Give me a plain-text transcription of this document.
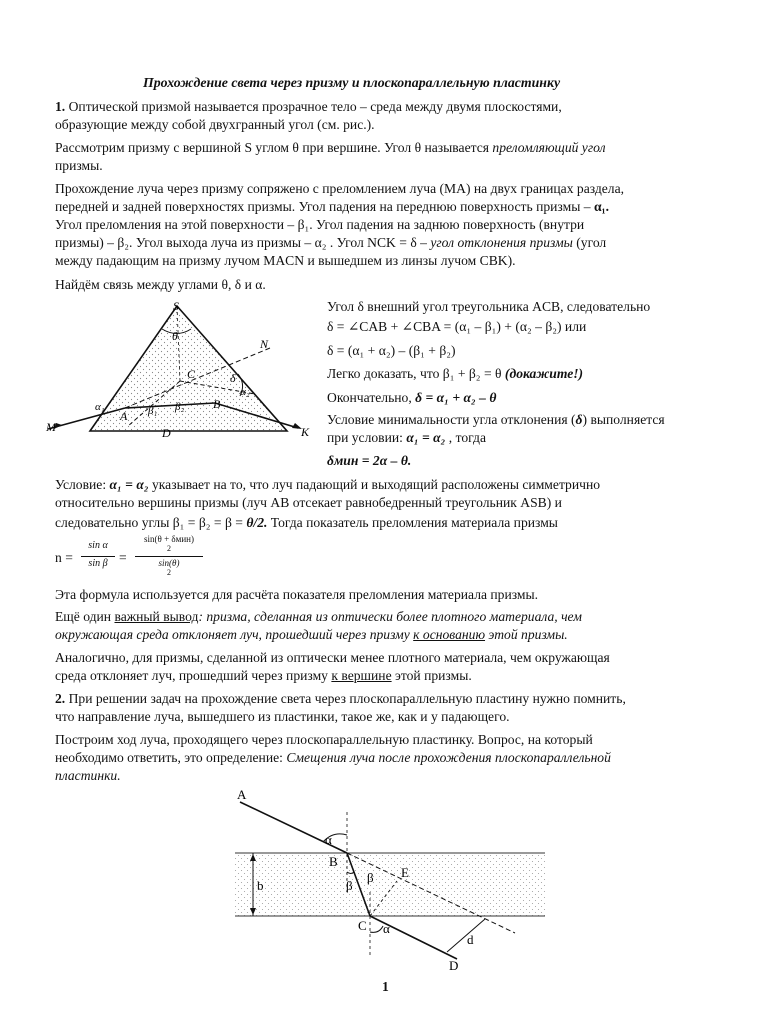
Прохождение света через призму и плоскопараллельную пластинку
1. Оптической призмой называется прозрачное тело – среда между двумя плоскостями,
образующие между собой двухгранный угол (см. рис.).
Рассмотрим призму с вершиной S углом θ при вершине. Угол θ называется преломляющий угол
призмы.
Прохождение луча через призму сопряжено с преломлением луча (MA) на двух границах раздела,
передней и задней поверхностях призмы. Угол падения на переднюю поверхность призмы – α₁.
Угол преломления на этой поверхности – β₁. Угол падения на заднюю поверхность (внутри
призмы) – β₂. Угол выхода луча из призмы – α₂ . Угол NCK = δ – угол отклонения призмы (угол
между падающим на призму лучом MACN и вышедшем из линзы лучом CBK).
Найдём связь между углами θ, δ и α.
S
θ
N
C	δ
α₂
α₁
A β₁ β₂ B
D
M	K
Угол δ внешний угол треугольника ACB, следовательно
δ = ∠CAB + ∠CBA = (α₁ – β₁) + (α₂ – β₂) или
δ = (α₁ + α₂) – (β₁ + β₂)
Легко доказать, что β₁ + β₂ = θ (докажите!)
Окончательно, δ = α₁ + α₂ – θ
Условие минимальности угла отклонения (δ) выполняется
при условии: α₁ = α₂ , тогда
δмин = 2α – θ.
Условие: α₁ = α₂ указывает на то, что луч падающий и выходящий расположены симметрично
относительно вершины призмы (луч AB отсекает равнобедренный треугольник ASB) и
следовательно углы β₁ = β₂ = β = θ/2. Тогда показатель преломления материала призмы
n =
sin α
sin β =
sin(θ + δмин)
2
sin(θ)
2
Эта формула используется для расчёта показателя преломления материала призмы.
Ещё один важный вывод: призма, сделанная из оптически более плотного материала, чем
окружающая среда отклоняет луч, прошедший через призму к основанию этой призмы.
Аналогично, для призмы, сделанной из оптически менее плотного материала, чем окружающая
среда отклоняет луч, прошедший через призму к вершине этой призмы.
2. При решении задач на прохождение света через плоскопараллельную пластину нужно помнить,
что направление луча, вышедшего из пластинки, такое же, как и у падающего.
Построим ход луча, проходящего через плоскопараллельную пластинку. Вопрос, на который
необходимо ответить, это определение: Смещения луча после прохождения плоскопараллельной
пластинки.
A
α
B
b
β
β
E
C α
d
D
1
